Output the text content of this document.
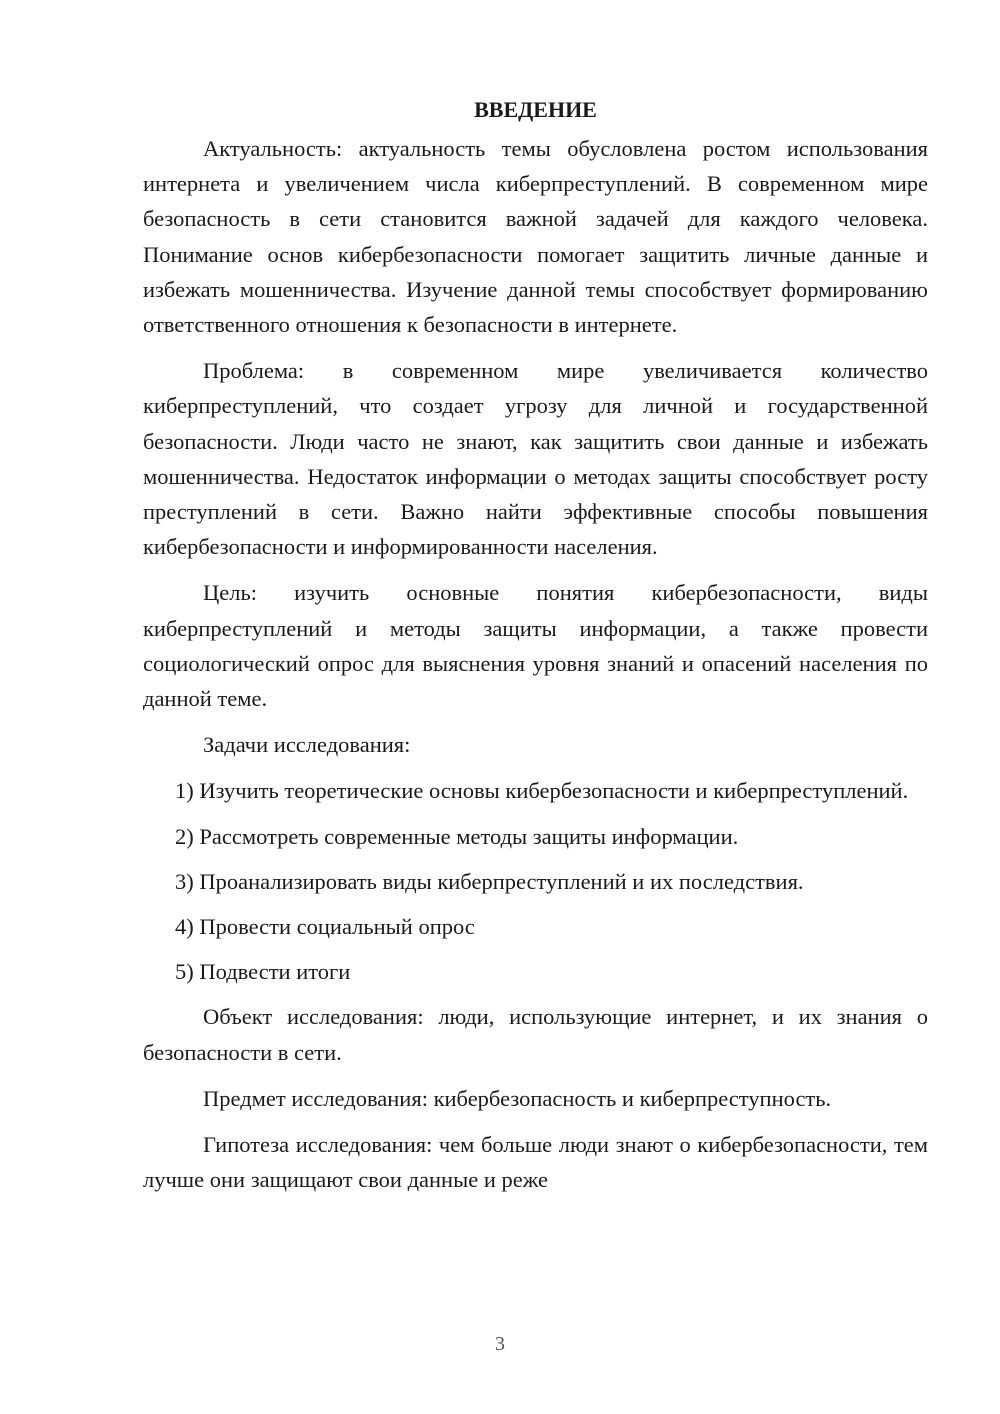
ВВЕДЕНИЕ

Актуальность: актуальность темы обусловлена ростом использования интернета и увеличением числа киберпреступлений. В современном мире безопасность в сети становится важной задачей для каждого человека. Понимание основ кибербезопасности помогает защитить личные данные и избежать мошенничества. Изучение данной темы способствует формированию ответственного отношения к безопасности в интернете.

Проблема: в современном мире увеличивается количество киберпреступлений, что создает угрозу для личной и государственной безопасности. Люди часто не знают, как защитить свои данные и избежать мошенничества. Недостаток информации о методах защиты способствует росту преступлений в сети. Важно найти эффективные способы повышения кибербезопасности и информированности населения.

Цель: изучить основные понятия кибербезопасности, виды киберпреступлений и методы защиты информации, а также провести социологический опрос для выяснения уровня знаний и опасений населения по данной теме.

Задачи исследования:

1) Изучить теоретические основы кибербезопасности и киберпреступлений.

2) Рассмотреть современные методы защиты информации.

3) Проанализировать виды киберпреступлений и их последствия.

4) Провести социальный опрос

5) Подвести итоги

Объект исследования: люди, использующие интернет, и их знания о безопасности в сети.

Предмет исследования: кибербезопасность и киберпреступность.

Гипотеза исследования: чем больше люди знают о кибербезопасности, тем лучше они защищают свои данные и реже

3
